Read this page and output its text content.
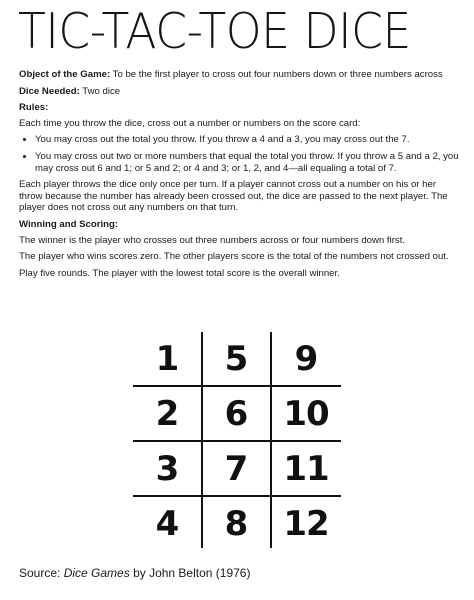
TIC-TAC-TOE DICE

Object of the Game: To be the first player to cross out four numbers down or three numbers across

Dice Needed: Two dice

Rules:

Each time you throw the dice, cross out a number or numbers on the score card:

• You may cross out the total you throw. If you throw a 4 and a 3, you may cross out the 7.
• You may cross out two or more numbers that equal the total you throw. If you throw a 5 and a 2, you may cross out 6 and 1; or 5 and 2; or 4 and 3; or 1, 2, and 4—all equaling a total of 7.

Each player throws the dice only once per turn. If a player cannot cross out a number on his or her throw because the number has already been crossed out, the dice are passed to the next player. The player does not cross out any numbers on that turn.

Winning and Scoring:

The winner is the player who crosses out three numbers across or four numbers down first.

The player who wins scores zero. The other players score is the total of the numbers not crossed out.

Play five rounds. The player with the lowest total score is the overall winner.

1	5	9
2	6	10
3	7	11
4	8	12
Source: Dice Games by John Belton (1976)
